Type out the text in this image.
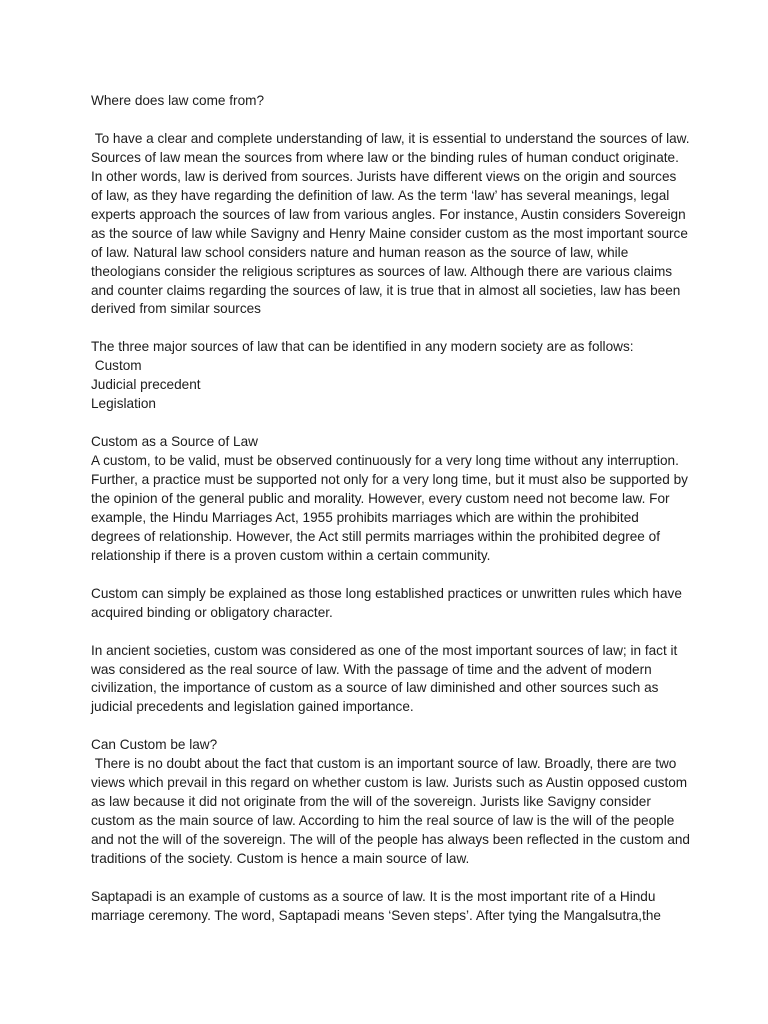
Where does law come from?

To have a clear and complete understanding of law, it is essential to understand the sources of law. Sources of law mean the sources from where law or the binding rules of human conduct originate. In other words, law is derived from sources. Jurists have different views on the origin and sources of law, as they have regarding the definition of law. As the term ‘law’ has several meanings, legal experts approach the sources of law from various angles. For instance, Austin considers Sovereign as the source of law while Savigny and Henry Maine consider custom as the most important source of law. Natural law school considers nature and human reason as the source of law, while theologians consider the religious scriptures as sources of law. Although there are various claims and counter claims regarding the sources of law, it is true that in almost all societies, law has been derived from similar sources

The three major sources of law that can be identified in any modern society are as follows:

Custom

Judicial precedent

Legislation

Custom as a Source of Law

A custom, to be valid, must be observed continuously for a very long time without any interruption. Further, a practice must be supported not only for a very long time, but it must also be supported by the opinion of the general public and morality. However, every custom need not become law. For example, the Hindu Marriages Act, 1955 prohibits marriages which are within the prohibited degrees of relationship. However, the Act still permits marriages within the prohibited degree of relationship if there is a proven custom within a certain community.

Custom can simply be explained as those long established practices or unwritten rules which have acquired binding or obligatory character.

In ancient societies, custom was considered as one of the most important sources of law; in fact it was considered as the real source of law. With the passage of time and the advent of modern civilization, the importance of custom as a source of law diminished and other sources such as judicial precedents and legislation gained importance.

Can Custom be law?

There is no doubt about the fact that custom is an important source of law. Broadly, there are two views which prevail in this regard on whether custom is law. Jurists such as Austin opposed custom as law because it did not originate from the will of the sovereign. Jurists like Savigny consider custom as the main source of law. According to him the real source of law is the will of the people and not the will of the sovereign. The will of the people has always been reflected in the custom and traditions of the society. Custom is hence a main source of law.

Saptapadi is an example of customs as a source of law. It is the most important rite of a Hindu marriage ceremony. The word, Saptapadi means ‘Seven steps’. After tying the Mangalsutra,the
